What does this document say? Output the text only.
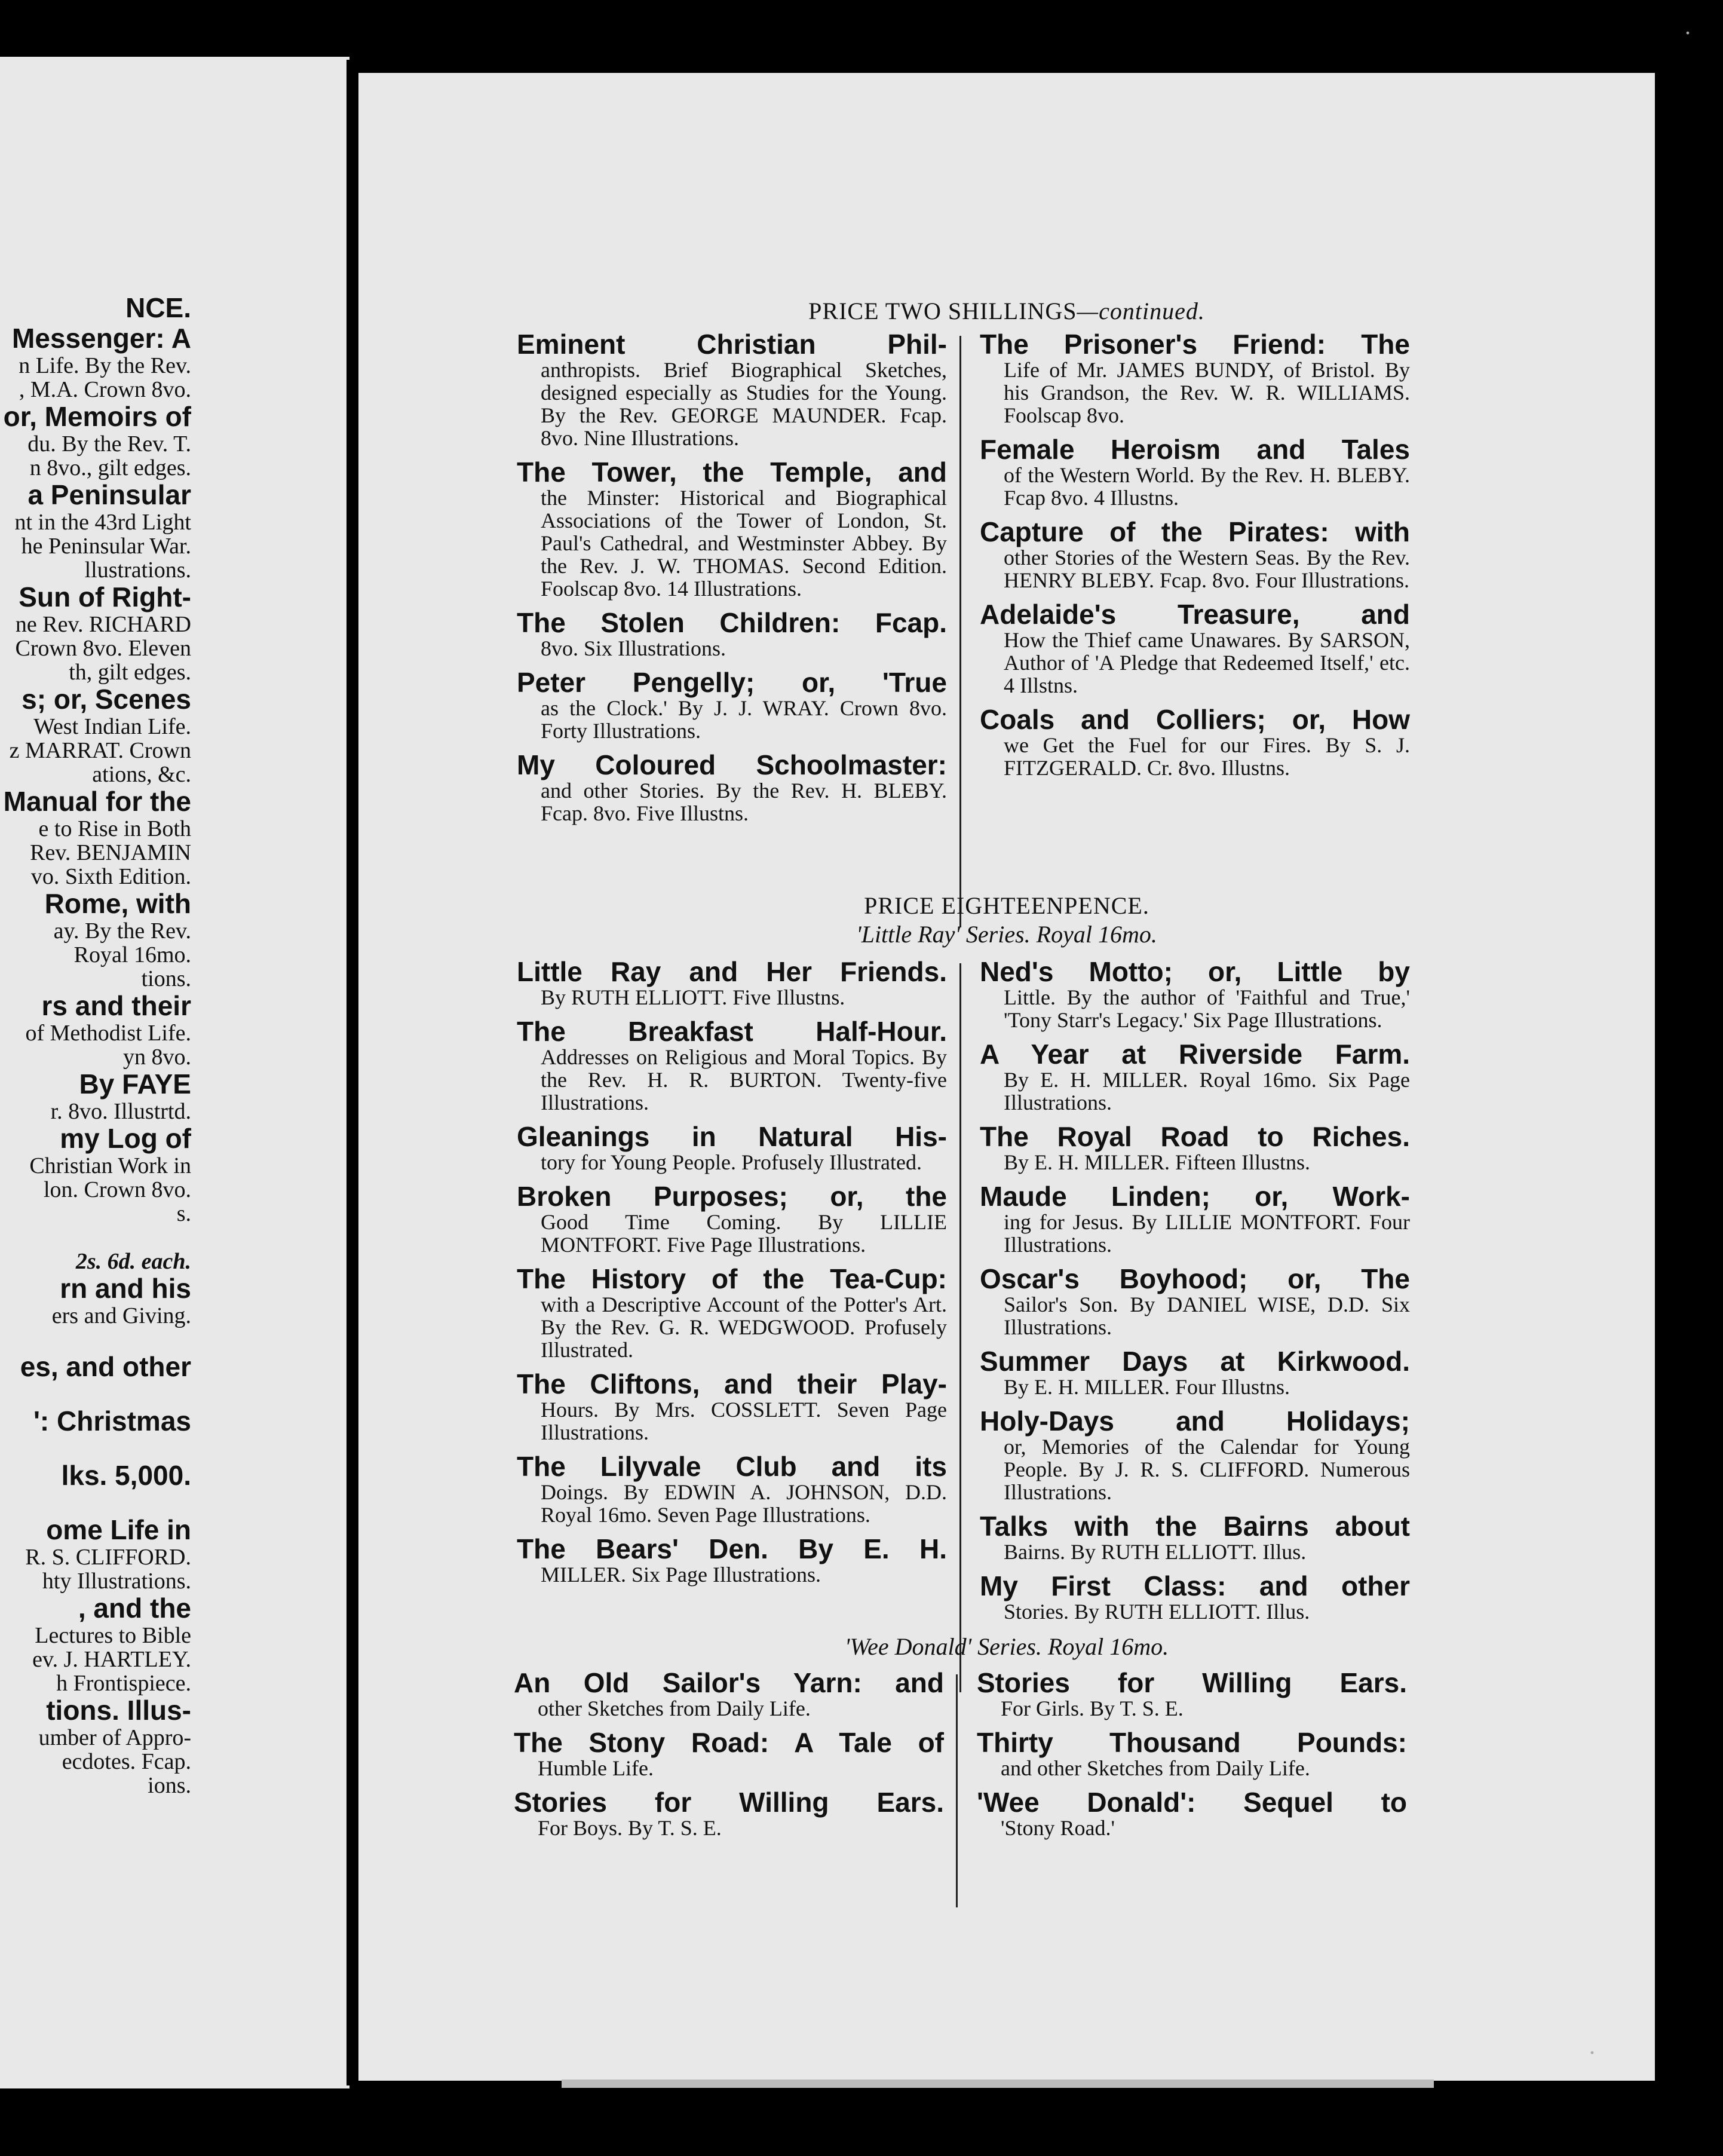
NCE.
Messenger: A
n Life. By the Rev.
, M.A. Crown 8vo.
or, Memoirs of
du. By the Rev. T.
n 8vo., gilt edges.
a Peninsular
nt in the 43rd Light
he Peninsular War.
llustrations.
Sun of Right-
ne Rev. RICHARD
Crown 8vo. Eleven
th, gilt edges.
s; or, Scenes
West Indian Life.
z MARRAT. Crown
ations, &c.
Manual for the
e to Rise in Both
Rev. BENJAMIN
vo. Sixth Edition.
Rome, with
ay. By the Rev.
Royal 16mo.
tions.
rs and their
of Methodist Life.
yn 8vo.
By FAYE
r. 8vo. Illustrtd.
my Log of
Christian Work in
lon. Crown 8vo.
s.
2s. 6d. each.
rn and his
ers and Giving.
es, and other
': Christmas
lks. 5,000.
ome Life in
R. S. CLIFFORD.
hty Illustrations.
, and the
Lectures to Bible
ev. J. HARTLEY.
h Frontispiece.
tions. Illus-
umber of Appro-
ecdotes. Fcap.
ions.
PRICE TWO SHILLINGS—continued.
Eminent Christian Phil-
anthropists. Brief Biographical Sketches, designed especially as Studies for the Young. By the Rev. GEORGE MAUNDER. Fcap. 8vo. Nine Illustrations.
The Tower, the Temple, and
the Minster: Historical and Biographical Associations of the Tower of London, St. Paul's Cathedral, and Westminster Abbey. By the Rev. J. W. THOMAS. Second Edition. Foolscap 8vo. 14 Illustrations.
The Stolen Children: Fcap.
8vo. Six Illustrations.
Peter Pengelly; or, 'True
as the Clock.' By J. J. WRAY. Crown 8vo. Forty Illustrations.
My Coloured Schoolmaster:
and other Stories. By the Rev. H. BLEBY. Fcap. 8vo. Five Illustns.
The Prisoner's Friend: The
Life of Mr. JAMES BUNDY, of Bristol. By his Grandson, the Rev. W. R. WILLIAMS. Foolscap 8vo.
Female Heroism and Tales
of the Western World. By the Rev. H. BLEBY. Fcap 8vo. 4 Illustns.
Capture of the Pirates: with
other Stories of the Western Seas. By the Rev. HENRY BLEBY. Fcap. 8vo. Four Illustrations.
Adelaide's Treasure, and
How the Thief came Unawares. By SARSON, Author of 'A Pledge that Redeemed Itself,' etc. 4 Illstns.
Coals and Colliers; or, How
we Get the Fuel for our Fires. By S. J. FITZGERALD. Cr. 8vo. Illustns.
PRICE EIGHTEENPENCE.
'Little Ray' Series. Royal 16mo.
Little Ray and Her Friends.
By RUTH ELLIOTT. Five Illustns.
The Breakfast Half-Hour.
Addresses on Religious and Moral Topics. By the Rev. H. R. BURTON. Twenty-five Illustrations.
Gleanings in Natural His-
tory for Young People. Profusely Illustrated.
Broken Purposes; or, the
Good Time Coming. By LILLIE MONTFORT. Five Page Illustrations.
The History of the Tea-Cup:
with a Descriptive Account of the Potter's Art. By the Rev. G. R. WEDGWOOD. Profusely Illustrated.
The Cliftons, and their Play-
Hours. By Mrs. COSSLETT. Seven Page Illustrations.
The Lilyvale Club and its
Doings. By EDWIN A. JOHNSON, D.D. Royal 16mo. Seven Page Illustrations.
The Bears' Den. By E. H.
MILLER. Six Page Illustrations.
Ned's Motto; or, Little by
Little. By the author of 'Faithful and True,' 'Tony Starr's Legacy.' Six Page Illustrations.
A Year at Riverside Farm.
By E. H. MILLER. Royal 16mo. Six Page Illustrations.
The Royal Road to Riches.
By E. H. MILLER. Fifteen Illustns.
Maude Linden; or, Work-
ing for Jesus. By LILLIE MONTFORT. Four Illustrations.
Oscar's Boyhood; or, The
Sailor's Son. By DANIEL WISE, D.D. Six Illustrations.
Summer Days at Kirkwood.
By E. H. MILLER. Four Illustns.
Holy-Days and Holidays;
or, Memories of the Calendar for Young People. By J. R. S. CLIFFORD. Numerous Illustrations.
Talks with the Bairns about
Bairns. By RUTH ELLIOTT. Illus.
My First Class: and other
Stories. By RUTH ELLIOTT. Illus.
'Wee Donald' Series. Royal 16mo.
An Old Sailor's Yarn: and
other Sketches from Daily Life.
The Stony Road: A Tale of
Humble Life.
Stories for Willing Ears.
For Boys. By T. S. E.
Stories for Willing Ears.
For Girls. By T. S. E.
Thirty Thousand Pounds:
and other Sketches from Daily Life.
'Wee Donald': Sequel to
'Stony Road.'
.
.
